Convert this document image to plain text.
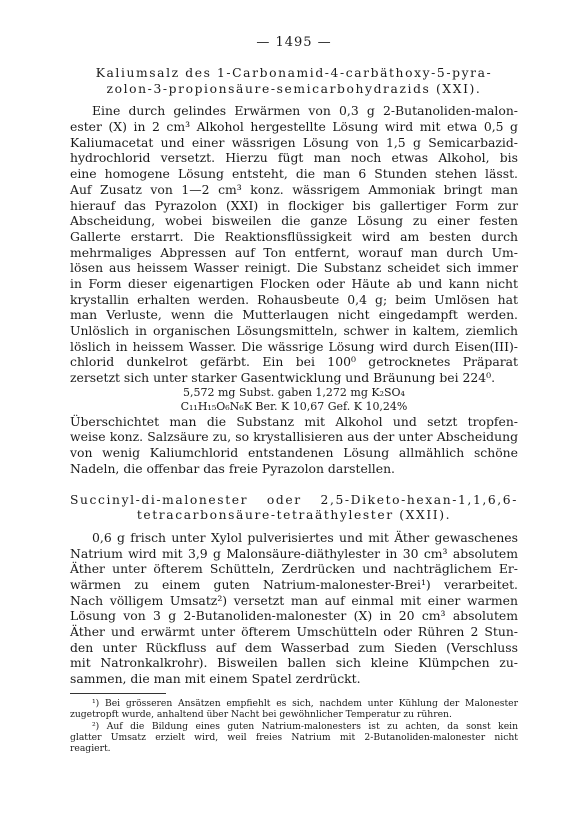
— 1495 —
Kaliumsalz des 1-Carbonamid-4-carbäthoxy-5-pyra-
zolon-3-propionsäure-semicarbohydrazids (XXI).
Eine durch gelindes Erwärmen von 0,3 g 2-Butanoliden-malon-
ester (X) in 2 cm³ Alkohol hergestellte Lösung wird mit etwa 0,5 g
Kaliumacetat und einer wässrigen Lösung von 1,5 g Semicarbazid-
hydrochlorid versetzt. Hierzu fügt man noch etwas Alkohol, bis
eine homogene Lösung entsteht, die man 6 Stunden stehen lässt.
Auf Zusatz von 1—2 cm³ konz. wässrigem Ammoniak bringt man
hierauf das Pyrazolon (XXI) in flockiger bis gallertiger Form zur
Abscheidung, wobei bisweilen die ganze Lösung zu einer festen
Gallerte erstarrt. Die Reaktionsflüssigkeit wird am besten durch
mehrmaliges Abpressen auf Ton entfernt, worauf man durch Um-
lösen aus heissem Wasser reinigt. Die Substanz scheidet sich immer
in Form dieser eigenartigen Flocken oder Häute ab und kann nicht
krystallin erhalten werden. Rohausbeute 0,4 g; beim Umlösen hat
man Verluste, wenn die Mutterlaugen nicht eingedampft werden.
Unlöslich in organischen Lösungsmitteln, schwer in kaltem, ziemlich
löslich in heissem Wasser. Die wässrige Lösung wird durch Eisen(III)-
chlorid dunkelrot gefärbt. Ein bei 100⁰ getrocknetes Präparat
zersetzt sich unter starker Gasentwicklung und Bräunung bei 224⁰.
5,572 mg Subst. gaben 1,272 mg K₂SO₄
C₁₁H₁₅O₆N₆K Ber. K 10,67 Gef. K 10,24%
Überschichtet man die Substanz mit Alkohol und setzt tropfen-
weise konz. Salzsäure zu, so krystallisieren aus der unter Abscheidung
von wenig Kaliumchlorid entstandenen Lösung allmählich schöne
Nadeln, die offenbar das freie Pyrazolon darstellen.
Succinyl-di-malonester oder 2,5-Diketo-hexan-1,1,6,6-
tetracarbonsäure-tetraäthylester (XXII).
0,6 g frisch unter Xylol pulverisiertes und mit Äther gewaschenes
Natrium wird mit 3,9 g Malonsäure-diäthylester in 30 cm³ absolutem
Äther unter öfterem Schütteln, Zerdrücken und nachträglichem Er-
wärmen zu einem guten Natrium-malonester-Brei¹) verarbeitet.
Nach völligem Umsatz²) versetzt man auf einmal mit einer warmen
Lösung von 3 g 2-Butanoliden-malonester (X) in 20 cm³ absolutem
Äther und erwärmt unter öfterem Umschütteln oder Rühren 2 Stun-
den unter Rückfluss auf dem Wasserbad zum Sieden (Verschluss
mit Natronkalkrohr). Bisweilen ballen sich kleine Klümpchen zu-
sammen, die man mit einem Spatel zerdrückt.
¹) Bei grösseren Ansätzen empfiehlt es sich, nachdem unter Kühlung der Malonester
zugetropft wurde, anhaltend über Nacht bei gewöhnlicher Temperatur zu rühren.
²) Auf die Bildung eines guten Natrium-malonesters ist zu achten, da sonst kein
glatter Umsatz erzielt wird, weil freies Natrium mit 2-Butanoliden-malonester nicht
reagiert.
